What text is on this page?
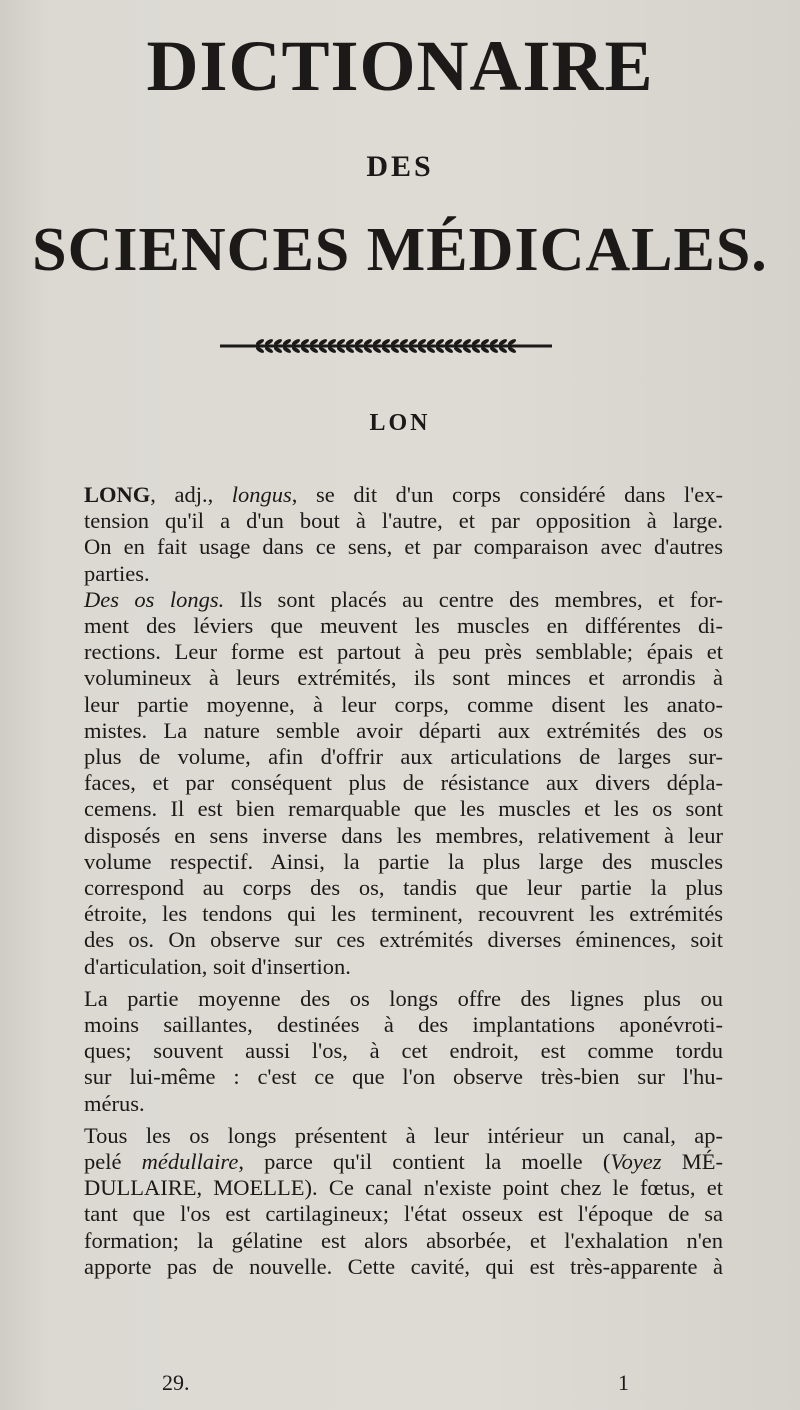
DICTIONAIRE
DES
SCIENCES MÉDICALES.
LON

LONG, adj., longus, se dit d'un corps considéré dans l'ex-
tension qu'il a d'un bout à l'autre, et par opposition à large.
On en fait usage dans ce sens, et par comparaison avec d'autres
parties.

Des os longs. Ils sont placés au centre des membres, et for-
ment des léviers que meuvent les muscles en différentes di-
rections. Leur forme est partout à peu près semblable; épais et
volumineux à leurs extrémités, ils sont minces et arrondis à
leur partie moyenne, à leur corps, comme disent les anato-
mistes. La nature semble avoir départi aux extrémités des os
plus de volume, afin d'offrir aux articulations de larges sur-
faces, et par conséquent plus de résistance aux divers dépla-
cemens. Il est bien remarquable que les muscles et les os sont
disposés en sens inverse dans les membres, relativement à leur
volume respectif. Ainsi, la partie la plus large des muscles
correspond au corps des os, tandis que leur partie la plus
étroite, les tendons qui les terminent, recouvrent les extrémités
des os. On observe sur ces extrémités diverses éminences, soit
d'articulation, soit d'insertion.

La partie moyenne des os longs offre des lignes plus ou
moins saillantes, destinées à des implantations aponévroti-
ques; souvent aussi l'os, à cet endroit, est comme tordu
sur lui-même : c'est ce que l'on observe très-bien sur l'hu-
mérus.

Tous les os longs présentent à leur intérieur un canal, ap-
pelé médullaire, parce qu'il contient la moelle (Voyez MÉ-
DULLAIRE, MOELLE). Ce canal n'existe point chez le fœtus, et
tant que l'os est cartilagineux; l'état osseux est l'époque de sa
formation; la gélatine est alors absorbée, et l'exhalation n'en
apporte pas de nouvelle. Cette cavité, qui est très-apparente à

29.	1
